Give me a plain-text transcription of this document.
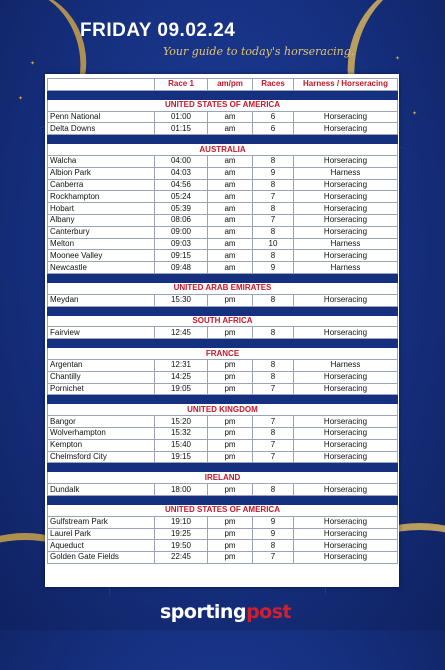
✦
✦
✦
✦
✦
FRIDAY 09.02.24
Your guide to today's horseracing.
	Race 1	am/pm	Races	Harness / Horseracing

UNITED STATES OF AMERICA				
Penn National	01:00	am	6	Horseracing
Delta Downs	01:15	am	6	Horseracing

AUSTRALIA				
Walcha	04:00	am	8	Horseracing
Albion Park	04:03	am	9	Harness
Canberra	04:56	am	8	Horseracing
Rockhampton	05:24	am	7	Horseracing
Hobart	05:39	am	8	Horseracing
Albany	08:06	am	7	Horseracing
Canterbury	09:00	am	8	Horseracing
Melton	09:03	am	10	Harness
Moonee Valley	09:15	am	8	Horseracing
Newcastle	09:48	am	9	Harness

UNITED ARAB EMIRATES				
Meydan	15:30	pm	8	Horseracing

SOUTH AFRICA				
Fairview	12:45	pm	8	Horseracing

FRANCE				
Argentan	12:31	pm	8	Harness
Chantilly	14:25	pm	8	Horseracing
Pornichet	19:05	pm	7	Horseracing

UNITED KINGDOM				
Bangor	15:20	pm	7	Horseracing
Wolverhampton	15:32	pm	8	Horseracing
Kempton	15:40	pm	7	Horseracing
Chelmsford City	19:15	pm	7	Horseracing

IRELAND				
Dundalk	18:00	pm	8	Horseracing

UNITED STATES OF AMERICA				
Gulfstream Park	19:10	pm	9	Horseracing
Laurel Park	19:25	pm	9	Horseracing
Aqueduct	19:50	pm	8	Horseracing
Golden Gate Fields	22:45	pm	7	Horseracing
sportingpost
